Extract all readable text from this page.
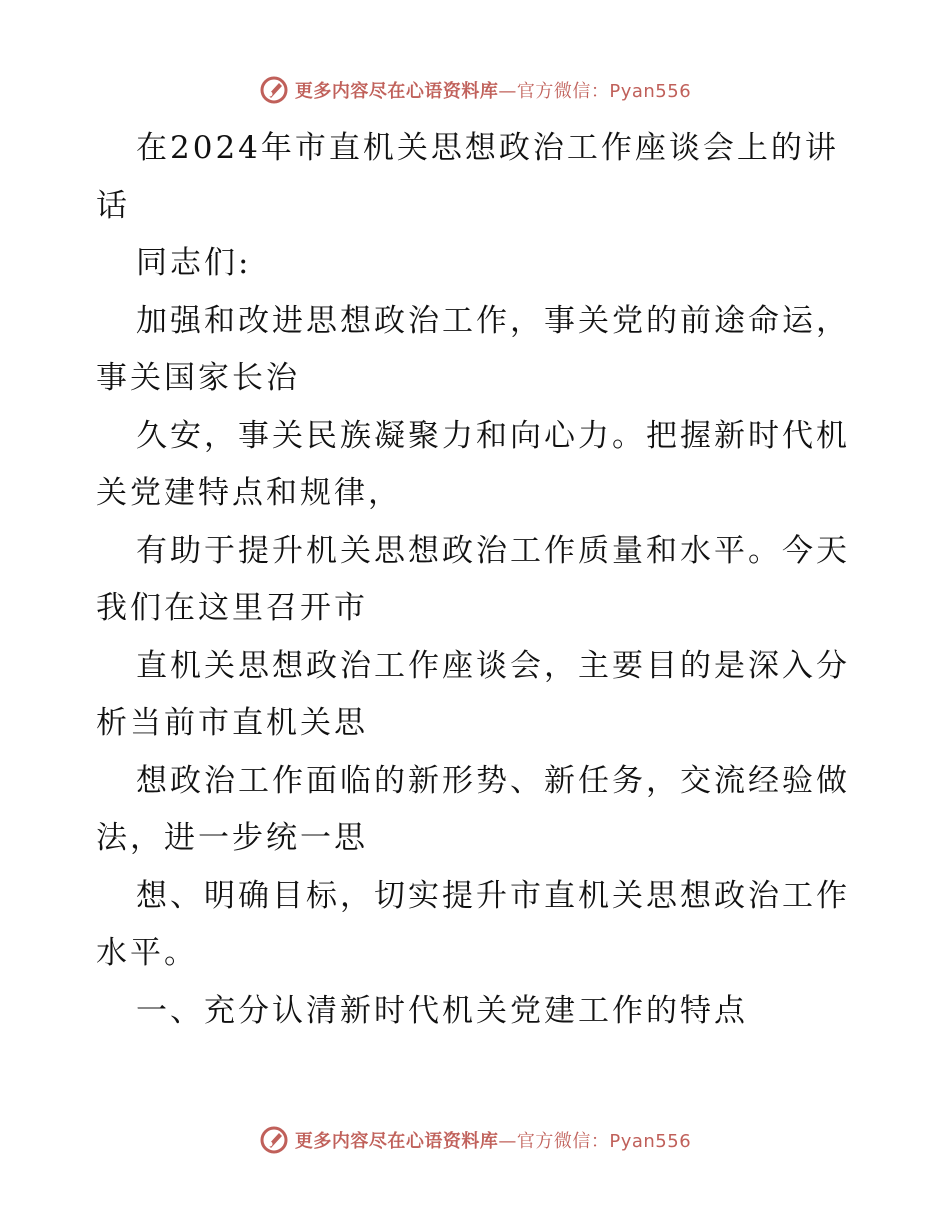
更多内容尽在心语资料库—官方微信：Pyan556

在2024年市直机关思想政治工作座谈会上的讲话

同志们:

加强和改进思想政治工作，事关党的前途命运，事关国家长治

久安，事关民族凝聚力和向心力。把握新时代机关党建特点和规律，

有助于提升机关思想政治工作质量和水平。今天我们在这里召开市

直机关思想政治工作座谈会，主要目的是深入分析当前市直机关思

想政治工作面临的新形势、新任务，交流经验做法，进一步统一思

想、明确目标，切实提升市直机关思想政治工作水平。

一、充分认清新时代机关党建工作的特点

更多内容尽在心语资料库—官方微信：Pyan556
